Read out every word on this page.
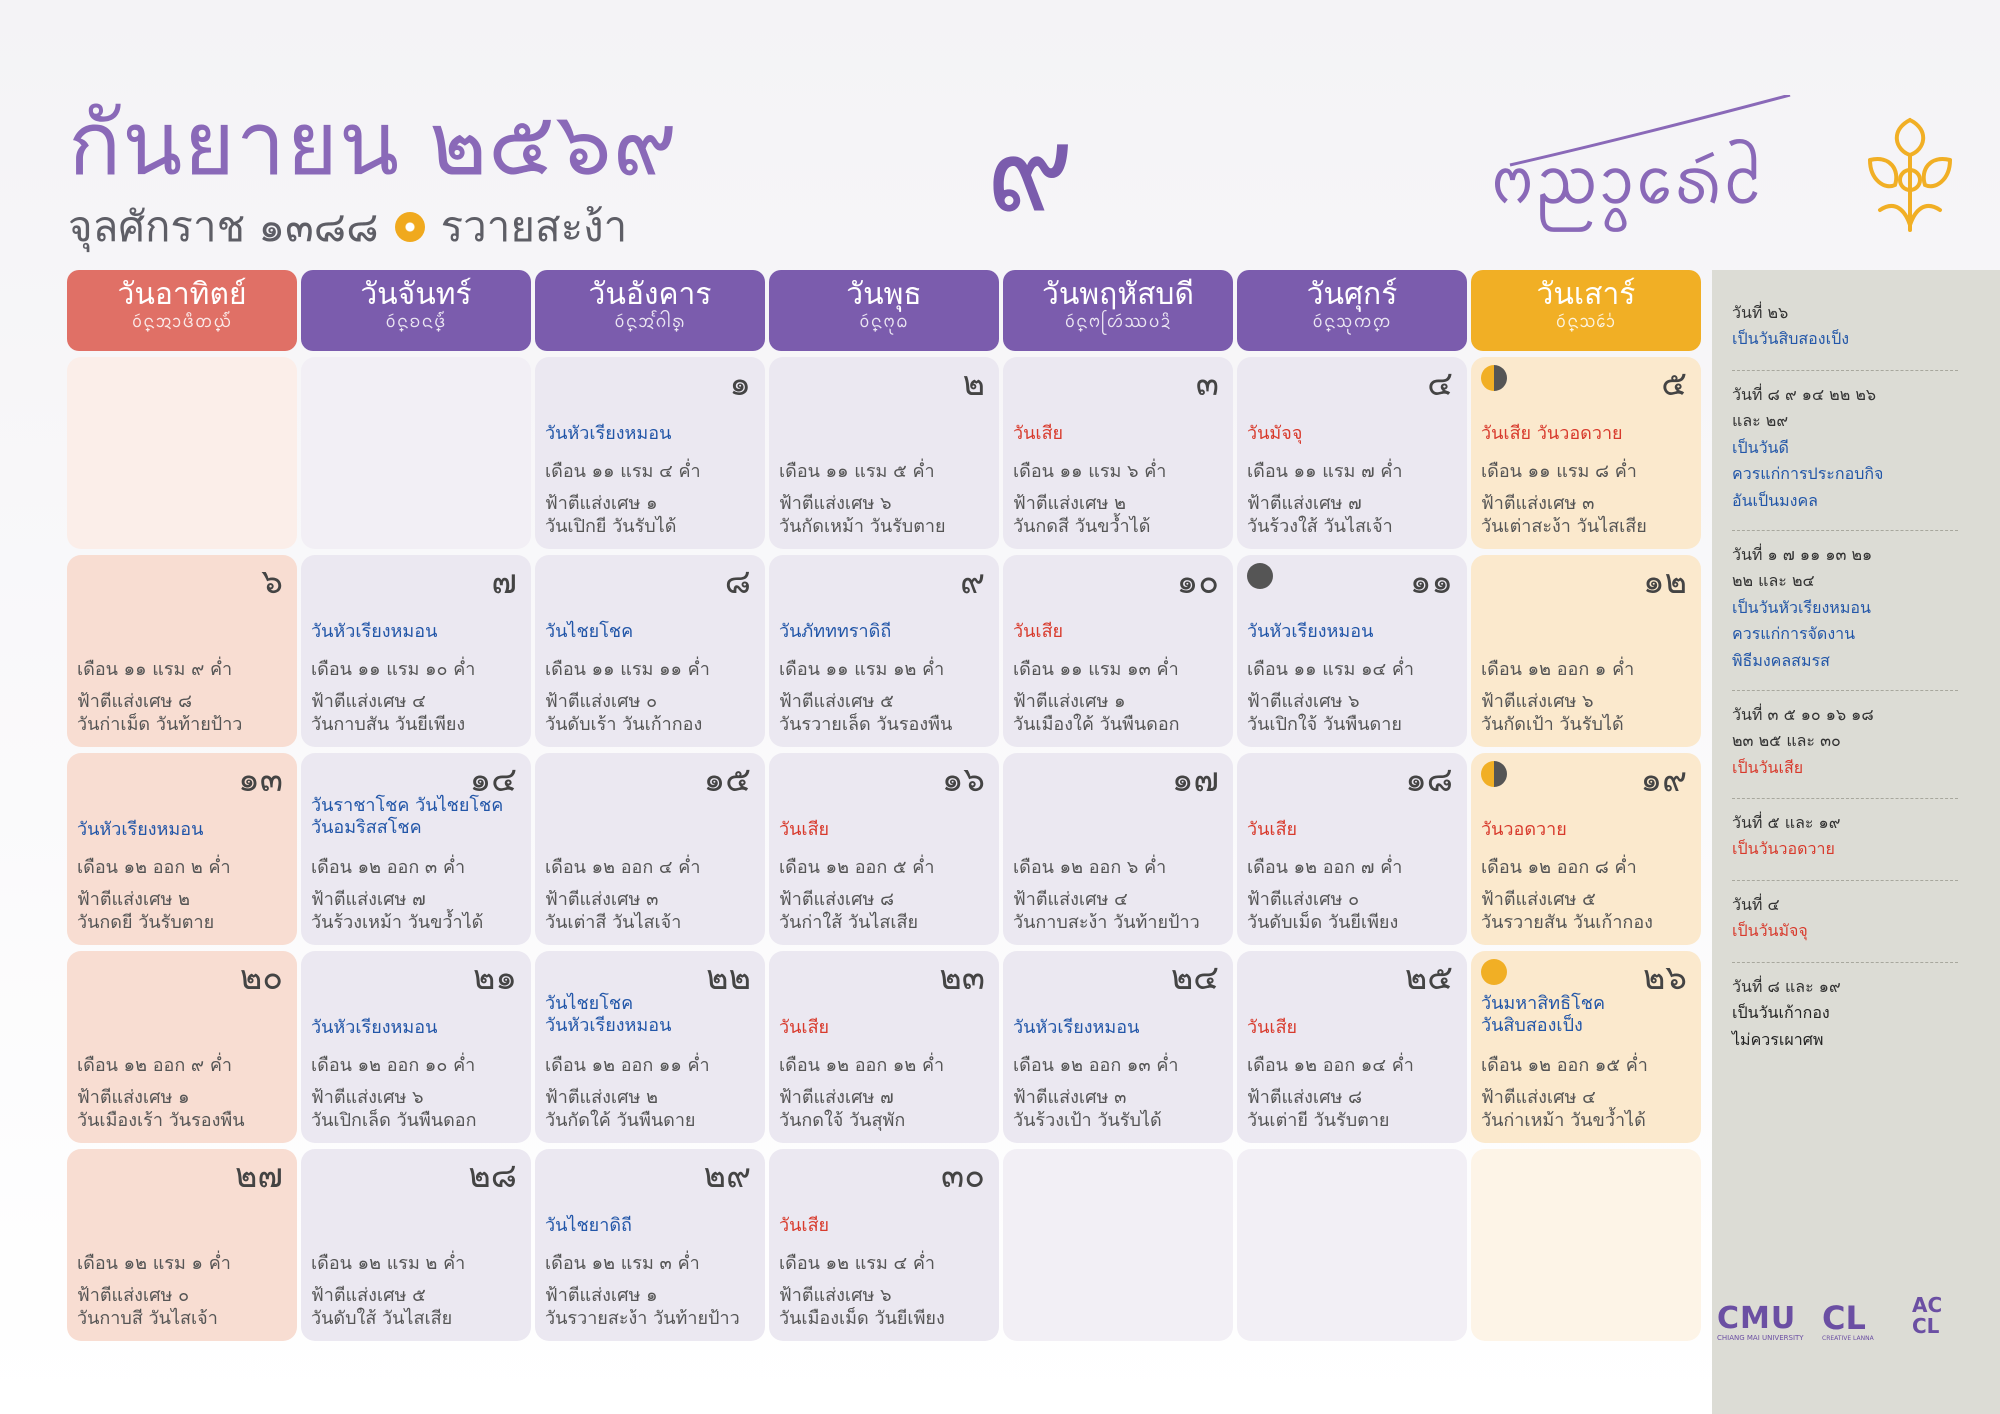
กันยายน ๒๕๖๙
จุลศักราช ๑๓๘๘ รวายสะง้า	๙	ᨻᨬᩣ᩠ᩅᩁᩮᩢᩲ
วันอาทิตย์
ᩅᩢ᩠ᨶᩋᩣᨴᩥᨲ᩠ᨿ᩼
วันจันทร์
ᩅᩢ᩠ᨶᨧᨶ᩠ᨴ᩼
วันอังคาร
ᩅᩢ᩠ᨶᩋᩘᨣᩤ᩠ᩁ
วันพุธ
ᩅᩢ᩠ᨶᨻᩩᨵ
วันพฤหัสบดี
ᩅᩢ᩠ᨶᨻᩕᩉᩢᩔᨷᨯᩦ
วันศุกร์
ᩅᩢ᩠ᨶᩈᩩᨠ᩠ᨠ
วันเสาร์
ᩅᩢ᩠ᨶᩈᩮᩢᩣ᩵
๑
วันหัวเรียงหมอน
เดือน ๑๑ แรม ๔ ค่ำ
ฟ้าตีแส่งเศษ ๑
วันเปิกยี วันรับได้
๒
เดือน ๑๑ แรม ๕ ค่ำ
ฟ้าตีแส่งเศษ ๖
วันกัดเหม้า วันรับตาย
๓
วันเสีย
เดือน ๑๑ แรม ๖ ค่ำ
ฟ้าตีแส่งเศษ ๒
วันกดสี วันขว้ำได้
๔
วันมัจจุ
เดือน ๑๑ แรม ๗ ค่ำ
ฟ้าตีแส่งเศษ ๗
วันร้วงใส้ วันไสเจ้า
๕
วันเสีย วันวอดวาย
เดือน ๑๑ แรม ๘ ค่ำ
ฟ้าตีแส่งเศษ ๓
วันเต่าสะง้า วันไสเสีย
๖
เดือน ๑๑ แรม ๙ ค่ำ
ฟ้าตีแส่งเศษ ๘
วันก่าเม็ด วันท้ายป้าว
๗
วันหัวเรียงหมอน
เดือน ๑๑ แรม ๑๐ ค่ำ
ฟ้าตีแส่งเศษ ๔
วันกาบสัน วันยีเพียง
๘
วันไชยโชค
เดือน ๑๑ แรม ๑๑ ค่ำ
ฟ้าตีแส่งเศษ ๐
วันดับเร้า วันเก้ากอง
๙
วันภัทททราดิถี
เดือน ๑๑ แรม ๑๒ ค่ำ
ฟ้าตีแส่งเศษ ๕
วันรวายเล็ด วันรองพืน
๑๐
วันเสีย
เดือน ๑๑ แรม ๑๓ ค่ำ
ฟ้าตีแส่งเศษ ๑
วันเมืองใค้ วันพืนดอก
๑๑
วันหัวเรียงหมอน
เดือน ๑๑ แรม ๑๔ ค่ำ
ฟ้าตีแส่งเศษ ๖
วันเปิกใจ้ วันพืนดาย
๑๒
เดือน ๑๒ ออก ๑ ค่ำ
ฟ้าตีแส่งเศษ ๖
วันกัดเป้า วันรับได้
๑๓
วันหัวเรียงหมอน
เดือน ๑๒ ออก ๒ ค่ำ
ฟ้าตีแส่งเศษ ๒
วันกดยี วันรับตาย
๑๔
วันราชาโชค วันไชยโชค
วันอมริสสโชค
เดือน ๑๒ ออก ๓ ค่ำ
ฟ้าตีแส่งเศษ ๗
วันร้วงเหม้า วันขว้ำได้
๑๕
เดือน ๑๒ ออก ๔ ค่ำ
ฟ้าตีแส่งเศษ ๓
วันเต่าสี วันไสเจ้า
๑๖
วันเสีย
เดือน ๑๒ ออก ๕ ค่ำ
ฟ้าตีแส่งเศษ ๘
วันก่าใส้ วันไสเสีย
๑๗
เดือน ๑๒ ออก ๖ ค่ำ
ฟ้าตีแส่งเศษ ๔
วันกาบสะง้า วันท้ายป้าว
๑๘
วันเสีย
เดือน ๑๒ ออก ๗ ค่ำ
ฟ้าตีแส่งเศษ ๐
วันดับเม็ด วันยีเพียง
๑๙
วันวอดวาย
เดือน ๑๒ ออก ๘ ค่ำ
ฟ้าตีแส่งเศษ ๕
วันรวายสัน วันเก้ากอง
๒๐
เดือน ๑๒ ออก ๙ ค่ำ
ฟ้าตีแส่งเศษ ๑
วันเมืองเร้า วันรองพืน
๒๑
วันหัวเรียงหมอน
เดือน ๑๒ ออก ๑๐ ค่ำ
ฟ้าตีแส่งเศษ ๖
วันเปิกเล็ด วันพืนดอก
๒๒
วันไชยโชค
วันหัวเรียงหมอน
เดือน ๑๒ ออก ๑๑ ค่ำ
ฟ้าตีแส่งเศษ ๒
วันกัดใค้ วันพืนดาย
๒๓
วันเสีย
เดือน ๑๒ ออก ๑๒ ค่ำ
ฟ้าตีแส่งเศษ ๗
วันกดใจ้ วันสุพัก
๒๔
วันหัวเรียงหมอน
เดือน ๑๒ ออก ๑๓ ค่ำ
ฟ้าตีแส่งเศษ ๓
วันร้วงเป้า วันรับได้
๒๕
วันเสีย
เดือน ๑๒ ออก ๑๔ ค่ำ
ฟ้าตีแส่งเศษ ๘
วันเต่ายี วันรับตาย
๒๖
วันมหาสิทธิโชค
วันสิบสองเป็ง
เดือน ๑๒ ออก ๑๕ ค่ำ
ฟ้าตีแส่งเศษ ๔
วันก่าเหม้า วันขว้ำได้
๒๗
เดือน ๑๒ แรม ๑ ค่ำ
ฟ้าตีแส่งเศษ ๐
วันกาบสี วันไสเจ้า
๒๘
เดือน ๑๒ แรม ๒ ค่ำ
ฟ้าตีแส่งเศษ ๕
วันดับใส้ วันไสเสีย
๒๙
วันไชยาดิถี
เดือน ๑๒ แรม ๓ ค่ำ
ฟ้าตีแส่งเศษ ๑
วันรวายสะง้า วันท้ายป้าว
๓๐
วันเสีย
เดือน ๑๒ แรม ๔ ค่ำ
ฟ้าตีแส่งเศษ ๖
วันเมืองเม็ด วันยีเพียง
วันที่ ๒๖
เป็นวันสิบสองเป็ง
วันที่ ๘ ๙ ๑๔ ๒๒ ๒๖
และ ๒๙
เป็นวันดี
ควรแก่การประกอบกิจ
อันเป็นมงคล
วันที่ ๑ ๗ ๑๑ ๑๓ ๒๑
๒๒ และ ๒๔
เป็นวันหัวเรียงหมอน
ควรแก่การจัดงาน
พิธีมงคลสมรส
วันที่ ๓ ๕ ๑๐ ๑๖ ๑๘
๒๓ ๒๕ และ ๓๐
เป็นวันเสีย
วันที่ ๕ และ ๑๙
เป็นวันวอดวาย
วันที่ ๔
เป็นวันมัจจุ
วันที่ ๘ และ ๑๙
เป็นวันเก้ากอง
ไม่ควรเผาศพ
CMU
CHIANG MAI UNIVERSITY
CL
CREATIVE LANNA
AC
CL
